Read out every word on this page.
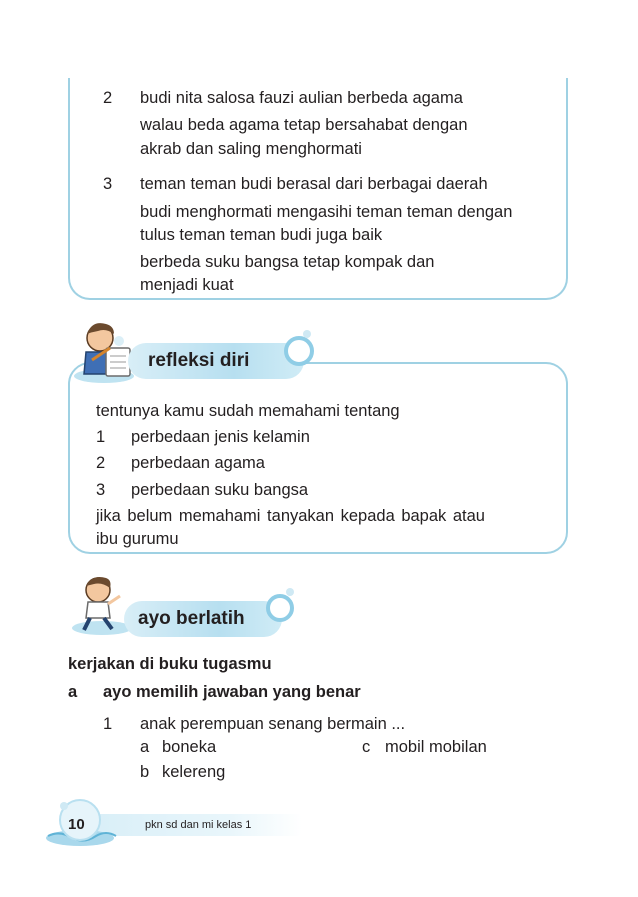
2 budi nita salosa fauzi aulian berbeda agama
walau beda agama tetap bersahabat dengan
akrab dan saling menghormati
3 teman teman budi berasal dari berbagai daerah
budi menghormati mengasihi teman teman dengan
tulus teman teman budi juga baik
berbeda suku bangsa tetap kompak dan
menjadi kuat
refleksi diri
tentunya kamu sudah memahami tentang
1 perbedaan jenis kelamin
2 perbedaan agama
3 perbedaan suku bangsa
jika belum memahami tanyakan kepada bapak atau
ibu gurumu
ayo berlatih
kerjakan di buku tugasmu
a ayo memilih jawaban yang benar
1 anak perempuan senang bermain ...
a boneka	c mobil mobilan
b kelereng
10	pkn sd dan mi kelas 1
